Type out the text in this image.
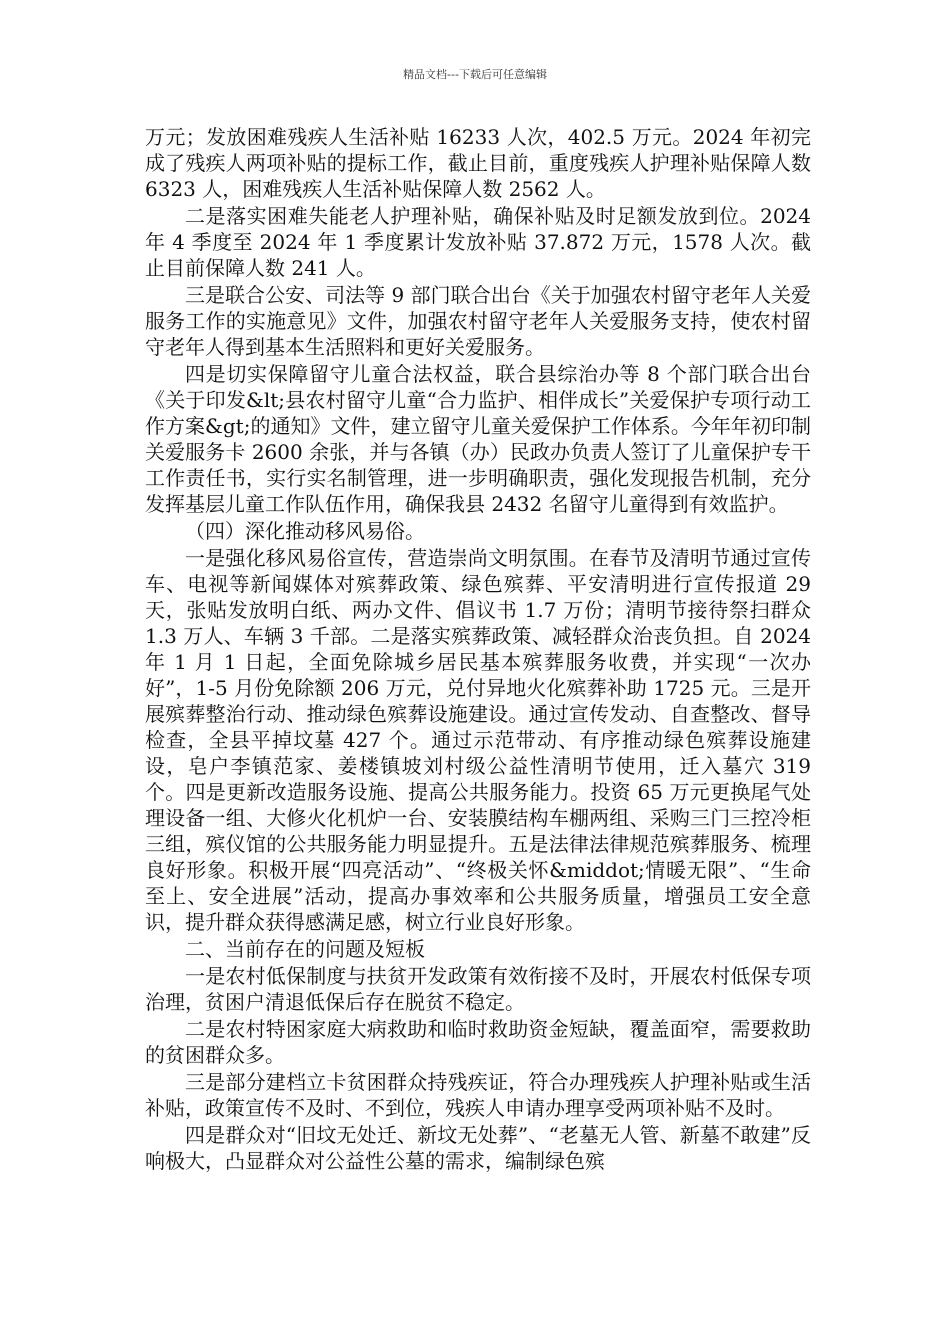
精品文档---下载后可任意编辑

万元；发放困难残疾人生活补贴 16233 人次，402.5 万元。2024 年初完成了残疾人两项补贴的提标工作，截止目前，重度残疾人护理补贴保障人数 6323 人，困难残疾人生活补贴保障人数 2562 人。

二是落实困难失能老人护理补贴，确保补贴及时足额发放到位。2024 年 4 季度至 2024 年 1 季度累计发放补贴 37.872 万元，1578 人次。截止目前保障人数 241 人。

三是联合公安、司法等 9 部门联合出台《关于加强农村留守老年人关爱服务工作的实施意见》文件，加强农村留守老年人关爱服务支持，使农村留守老年人得到基本生活照料和更好关爱服务。

四是切实保障留守儿童合法权益，联合县综治办等 8 个部门联合出台《关于印发&lt;县农村留守儿童“合力监护、相伴成长”关爱保护专项行动工作方案&gt;的通知》文件，建立留守儿童关爱保护工作体系。今年年初印制关爱服务卡 2600 余张，并与各镇（办）民政办负责人签订了儿童保护专干工作责任书，实行实名制管理，进一步明确职责，强化发现报告机制，充分发挥基层儿童工作队伍作用，确保我县 2432 名留守儿童得到有效监护。

（四）深化推动移风易俗。

一是强化移风易俗宣传，营造崇尚文明氛围。在春节及清明节通过宣传车、电视等新闻媒体对殡葬政策、绿色殡葬、平安清明进行宣传报道 29 天，张贴发放明白纸、两办文件、倡议书 1.7 万份；清明节接待祭扫群众 1.3 万人、车辆 3 千部。二是落实殡葬政策、减轻群众治丧负担。自 2024 年 1 月 1 日起，全面免除城乡居民基本殡葬服务收费，并实现“一次办好”，1-5 月份免除额 206 万元，兑付异地火化殡葬补助 1725 元。三是开展殡葬整治行动、推动绿色殡葬设施建设。通过宣传发动、自查整改、督导检查，全县平掉坟墓 427 个。通过示范带动、有序推动绿色殡葬设施建设，皂户李镇范家、姜楼镇坡刘村级公益性清明节使用，迁入墓穴 319 个。四是更新改造服务设施、提高公共服务能力。投资 65 万元更换尾气处理设备一组、大修火化机炉一台、安装膜结构车棚两组、采购三门三控冷柜三组，殡仪馆的公共服务能力明显提升。五是法律法律规范殡葬服务、梳理良好形象。积极开展“四亮活动”、“终极关怀&middot;情暖无限”、“生命至上、安全进展”活动，提高办事效率和公共服务质量，增强员工安全意识，提升群众获得感满足感，树立行业良好形象。

二、当前存在的问题及短板

一是农村低保制度与扶贫开发政策有效衔接不及时，开展农村低保专项治理，贫困户清退低保后存在脱贫不稳定。

二是农村特困家庭大病救助和临时救助资金短缺，覆盖面窄，需要救助的贫困群众多。

三是部分建档立卡贫困群众持残疾证，符合办理残疾人护理补贴或生活补贴，政策宣传不及时、不到位，残疾人申请办理享受两项补贴不及时。

四是群众对“旧坟无处迁、新坟无处葬”、“老墓无人管、新墓不敢建”反响极大，凸显群众对公益性公墓的需求，编制绿色殡
